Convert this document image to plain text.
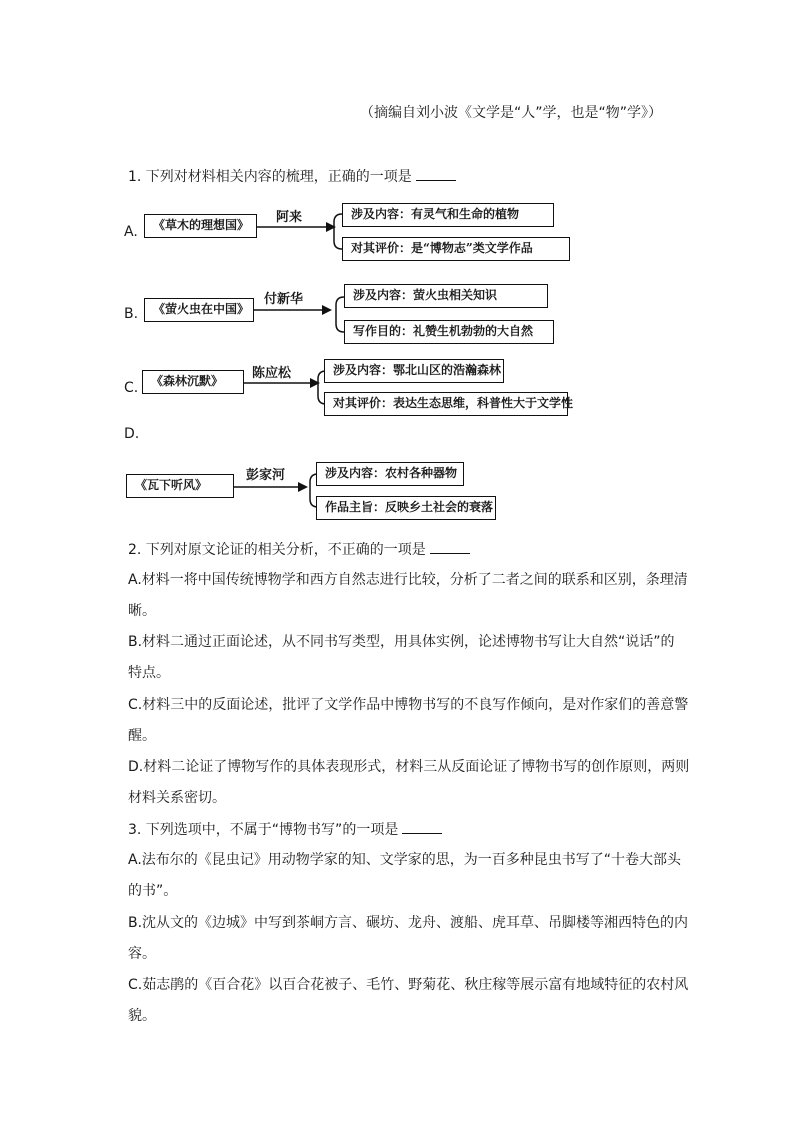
（摘编自刘小波《文学是“人”学，也是“物”学》）
1. 下列对材料相关内容的梳理，正确的一项是
A.	《草木的理想国》	阿来	涉及内容：有灵气和生命的植物
对其评价：是“博物志”类文学作品
B.	《萤火虫在中国》
付新华	涉及内容：萤火虫相关知识
写作目的：礼赞生机勃勃的大自然
C.	《森林沉默》	陈应松	涉及内容：鄂北山区的浩瀚森林
对其评价：表达生态思维，科普性大于文学性
D.
《瓦下听风》
彭家河	涉及内容：农村各种器物
作品主旨：反映乡土社会的衰落
2. 下列对原文论证的相关分析，不正确的一项是
A.材料一将中国传统博物学和西方自然志进行比较，分析了二者之间的联系和区别，条理清
晰。
B.材料二通过正面论述，从不同书写类型，用具体实例，论述博物书写让大自然“说话”的
特点。
C.材料三中的反面论述，批评了文学作品中博物书写的不良写作倾向，是对作家们的善意警
醒。
D.材料二论证了博物写作的具体表现形式，材料三从反面论证了博物书写的创作原则，两则
材料关系密切。
3. 下列选项中，不属于“博物书写”的一项是
A.法布尔的《昆虫记》用动物学家的知、文学家的思，为一百多种昆虫书写了“十卷大部头
的书”。
B.沈从文的《边城》中写到茶峒方言、碾坊、龙舟、渡船、虎耳草、吊脚楼等湘西特色的内
容。
C.茹志鹃的《百合花》以百合花被子、毛竹、野菊花、秋庄稼等展示富有地域特征的农村风
貌。
